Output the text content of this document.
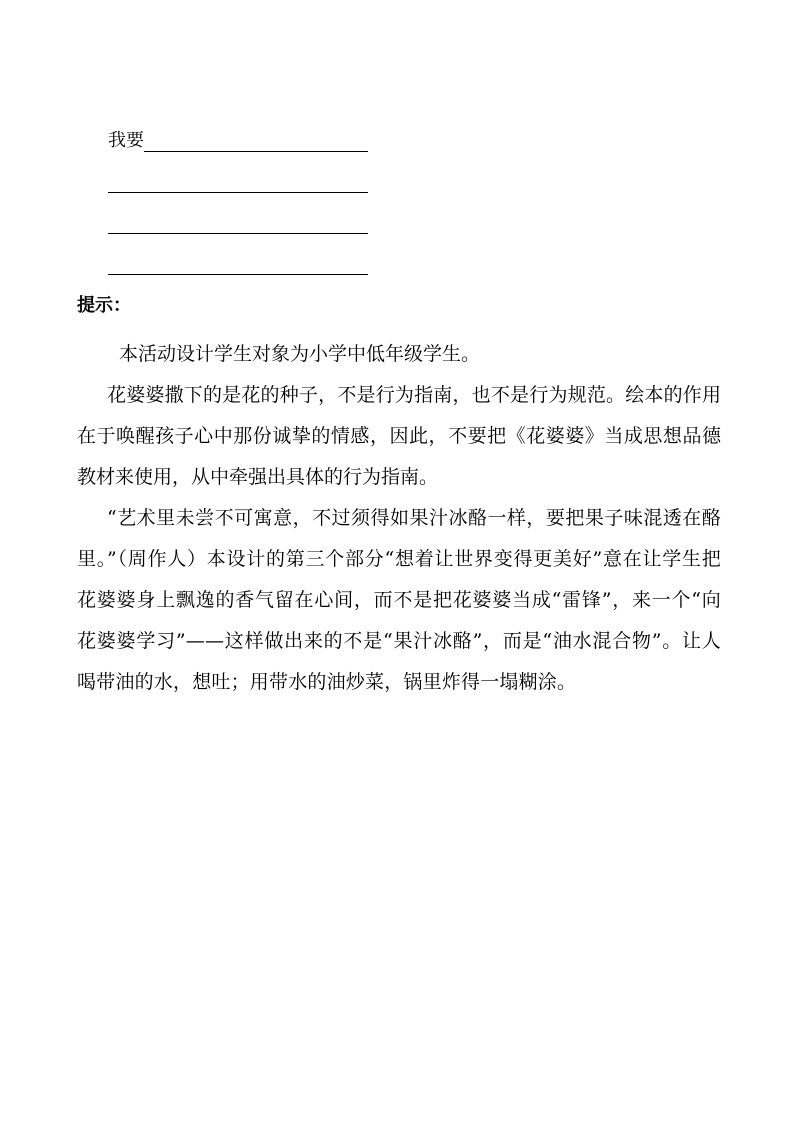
我要
提示：

本活动设计学生对象为小学中低年级学生。

花婆婆撒下的是花的种子，不是行为指南，也不是行为规范。绘本的作用在于唤醒孩子心中那份诚挚的情感，因此，不要把《花婆婆》当成思想品德教材来使用，从中牵强出具体的行为指南。

“艺术里未尝不可寓意，不过须得如果汁冰酪一样，要把果子味混透在酪里。”（周作人）本设计的第三个部分“想着让世界变得更美好”意在让学生把花婆婆身上飘逸的香气留在心间，而不是把花婆婆当成“雷锋”，来一个“向花婆婆学习”——这样做出来的不是“果汁冰酪”，而是“油水混合物”。让人喝带油的水，想吐；用带水的油炒菜，锅里炸得一塌糊涂。
